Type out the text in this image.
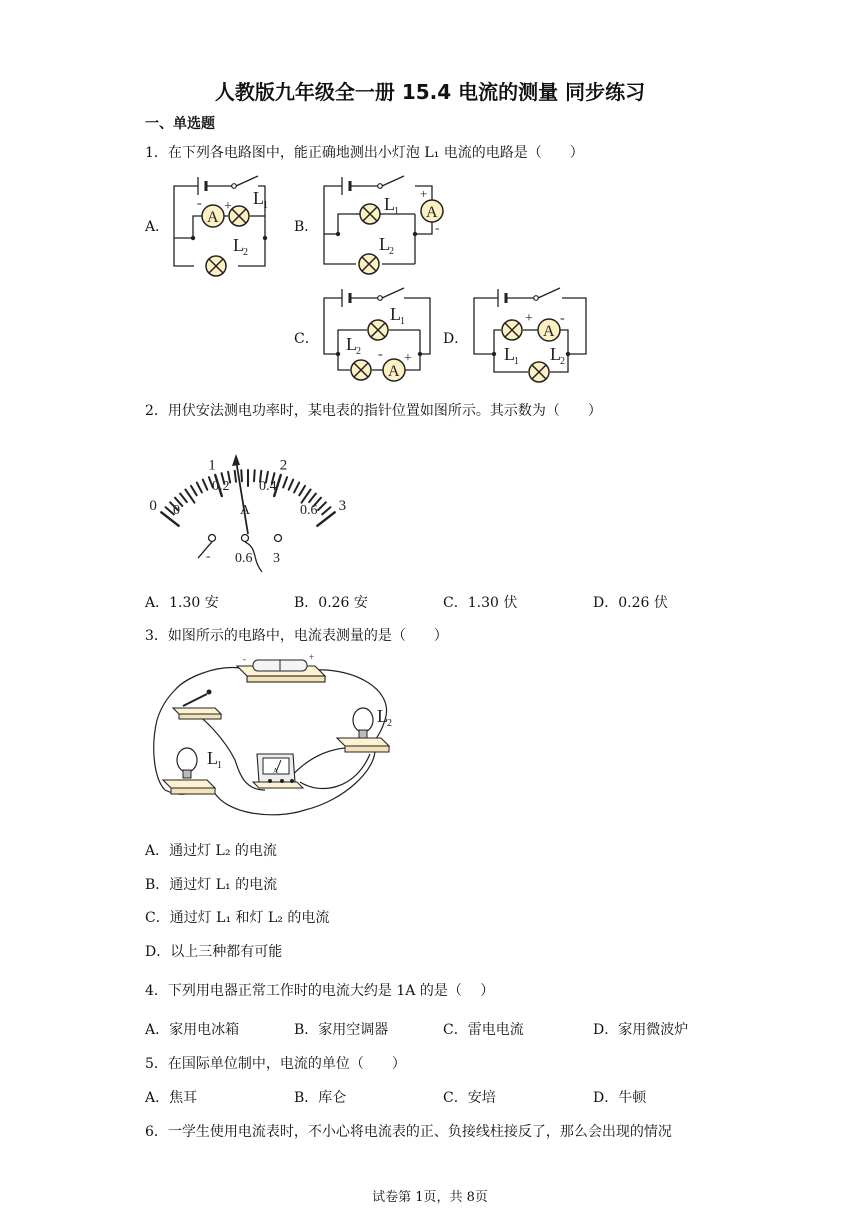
人教版九年级全一册 15.4 电流的测量 同步练习
一、单选题
1．在下列各电路图中，能正确地测出小灯泡 L₁ 电流的电路是（　　）
A．	B．
C．	D．
A
- + L 1
L 2
A
+
-
L 1
L 2
A
- +
L 1
L 2
A
+ -
L 1 L 2
2．用伏安法测电功率时，某电表的指针位置如图所示。其示数为（　　）
0
1	2
3
0
0.2 0.4
0.6
A
- 0.6 3
A．1.30 安	B．0.26 安	C．1.30 伏	D．0.26 伏
3．如图所示的电路中，电流表测量的是（　　）
-	+
L 1
L 2
A
A．通过灯 L₂ 的电流
B．通过灯 L₁ 的电流
C．通过灯 L₁ 和灯 L₂ 的电流
D．以上三种都有可能
4．下列用电器正常工作时的电流大约是 1A 的是（　 ）
A．家用电冰箱	B．家用空调器	C．雷电电流	D．家用微波炉
5．在国际单位制中，电流的单位（　　）
A．焦耳	B．库仑	C．安培	D．牛顿
6．一学生使用电流表时，不小心将电流表的正、负接线柱接反了，那么会出现的情况
试卷第 1页，共 8页
